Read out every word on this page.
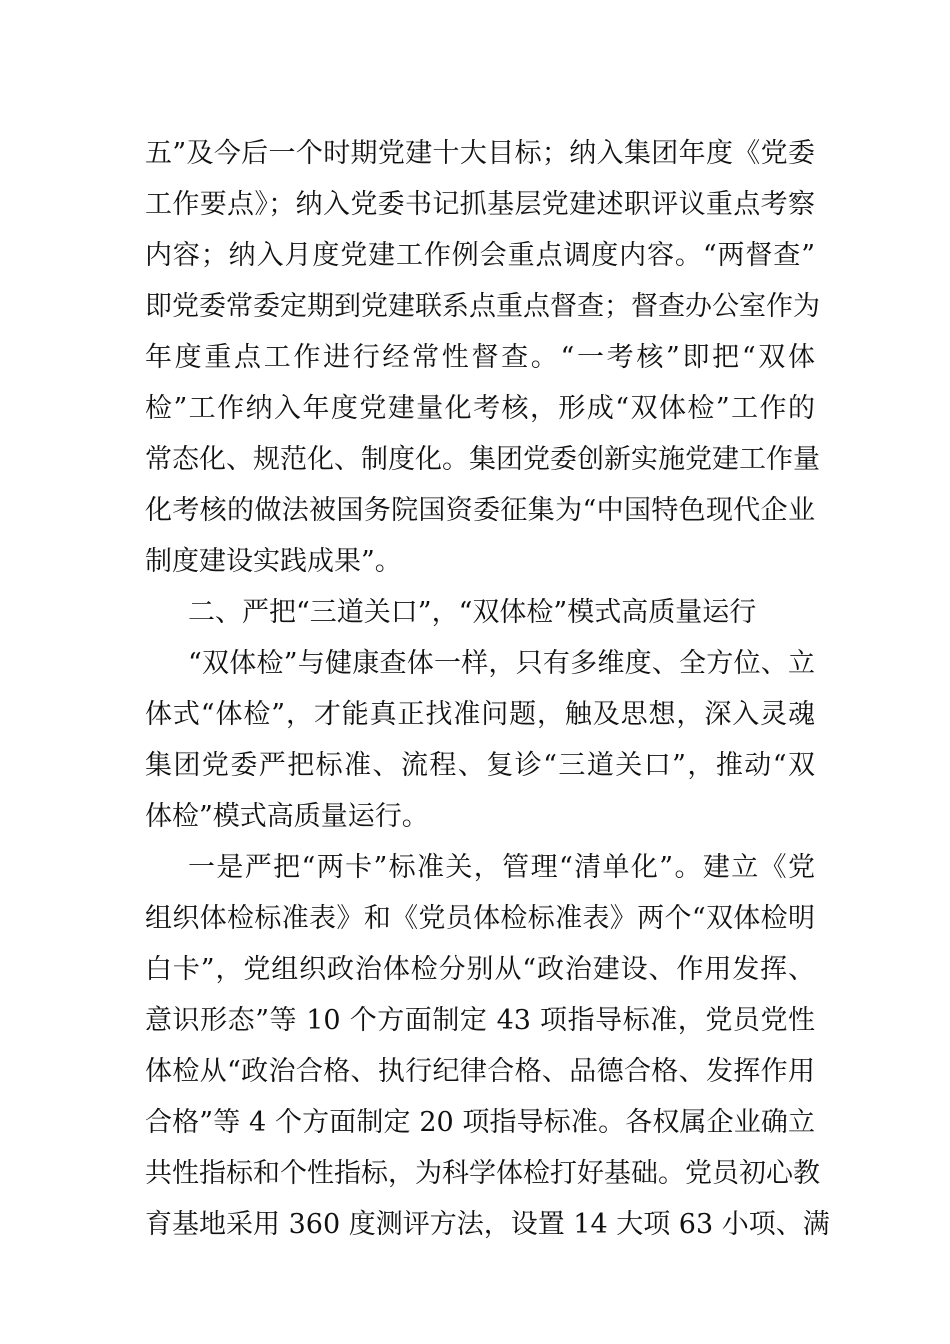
五”及今后一个时期党建十大目标；纳入集团年度《党委
工作要点》；纳入党委书记抓基层党建述职评议重点考察
内容；纳入月度党建工作例会重点调度内容。“两督查”
即党委常委定期到党建联系点重点督查；督查办公室作为
年度重点工作进行经常性督查。“一考核”即把“双体
检”工作纳入年度党建量化考核，形成“双体检”工作的
常态化、规范化、制度化。集团党委创新实施党建工作量
化考核的做法被国务院国资委征集为“中国特色现代企业
制度建设实践成果”。
二、严把“三道关口”，“双体检”模式高质量运行
“双体检”与健康查体一样，只有多维度、全方位、立
体式“体检”，才能真正找准问题，触及思想，深入灵魂
集团党委严把标准、流程、复诊“三道关口”，推动“双
体检”模式高质量运行。
一是严把“两卡”标准关，管理“清单化”。建立《党
组织体检标准表》和《党员体检标准表》两个“双体检明
白卡”，党组织政治体检分别从“政治建设、作用发挥、
意识形态”等 10 个方面制定 43 项指导标准，党员党性
体检从“政治合格、执行纪律合格、品德合格、发挥作用
合格”等 4 个方面制定 20 项指导标准。各权属企业确立
共性指标和个性指标，为科学体检打好基础。党员初心教
育基地采用 360 度测评方法，设置 14 大项 63 小项、满
